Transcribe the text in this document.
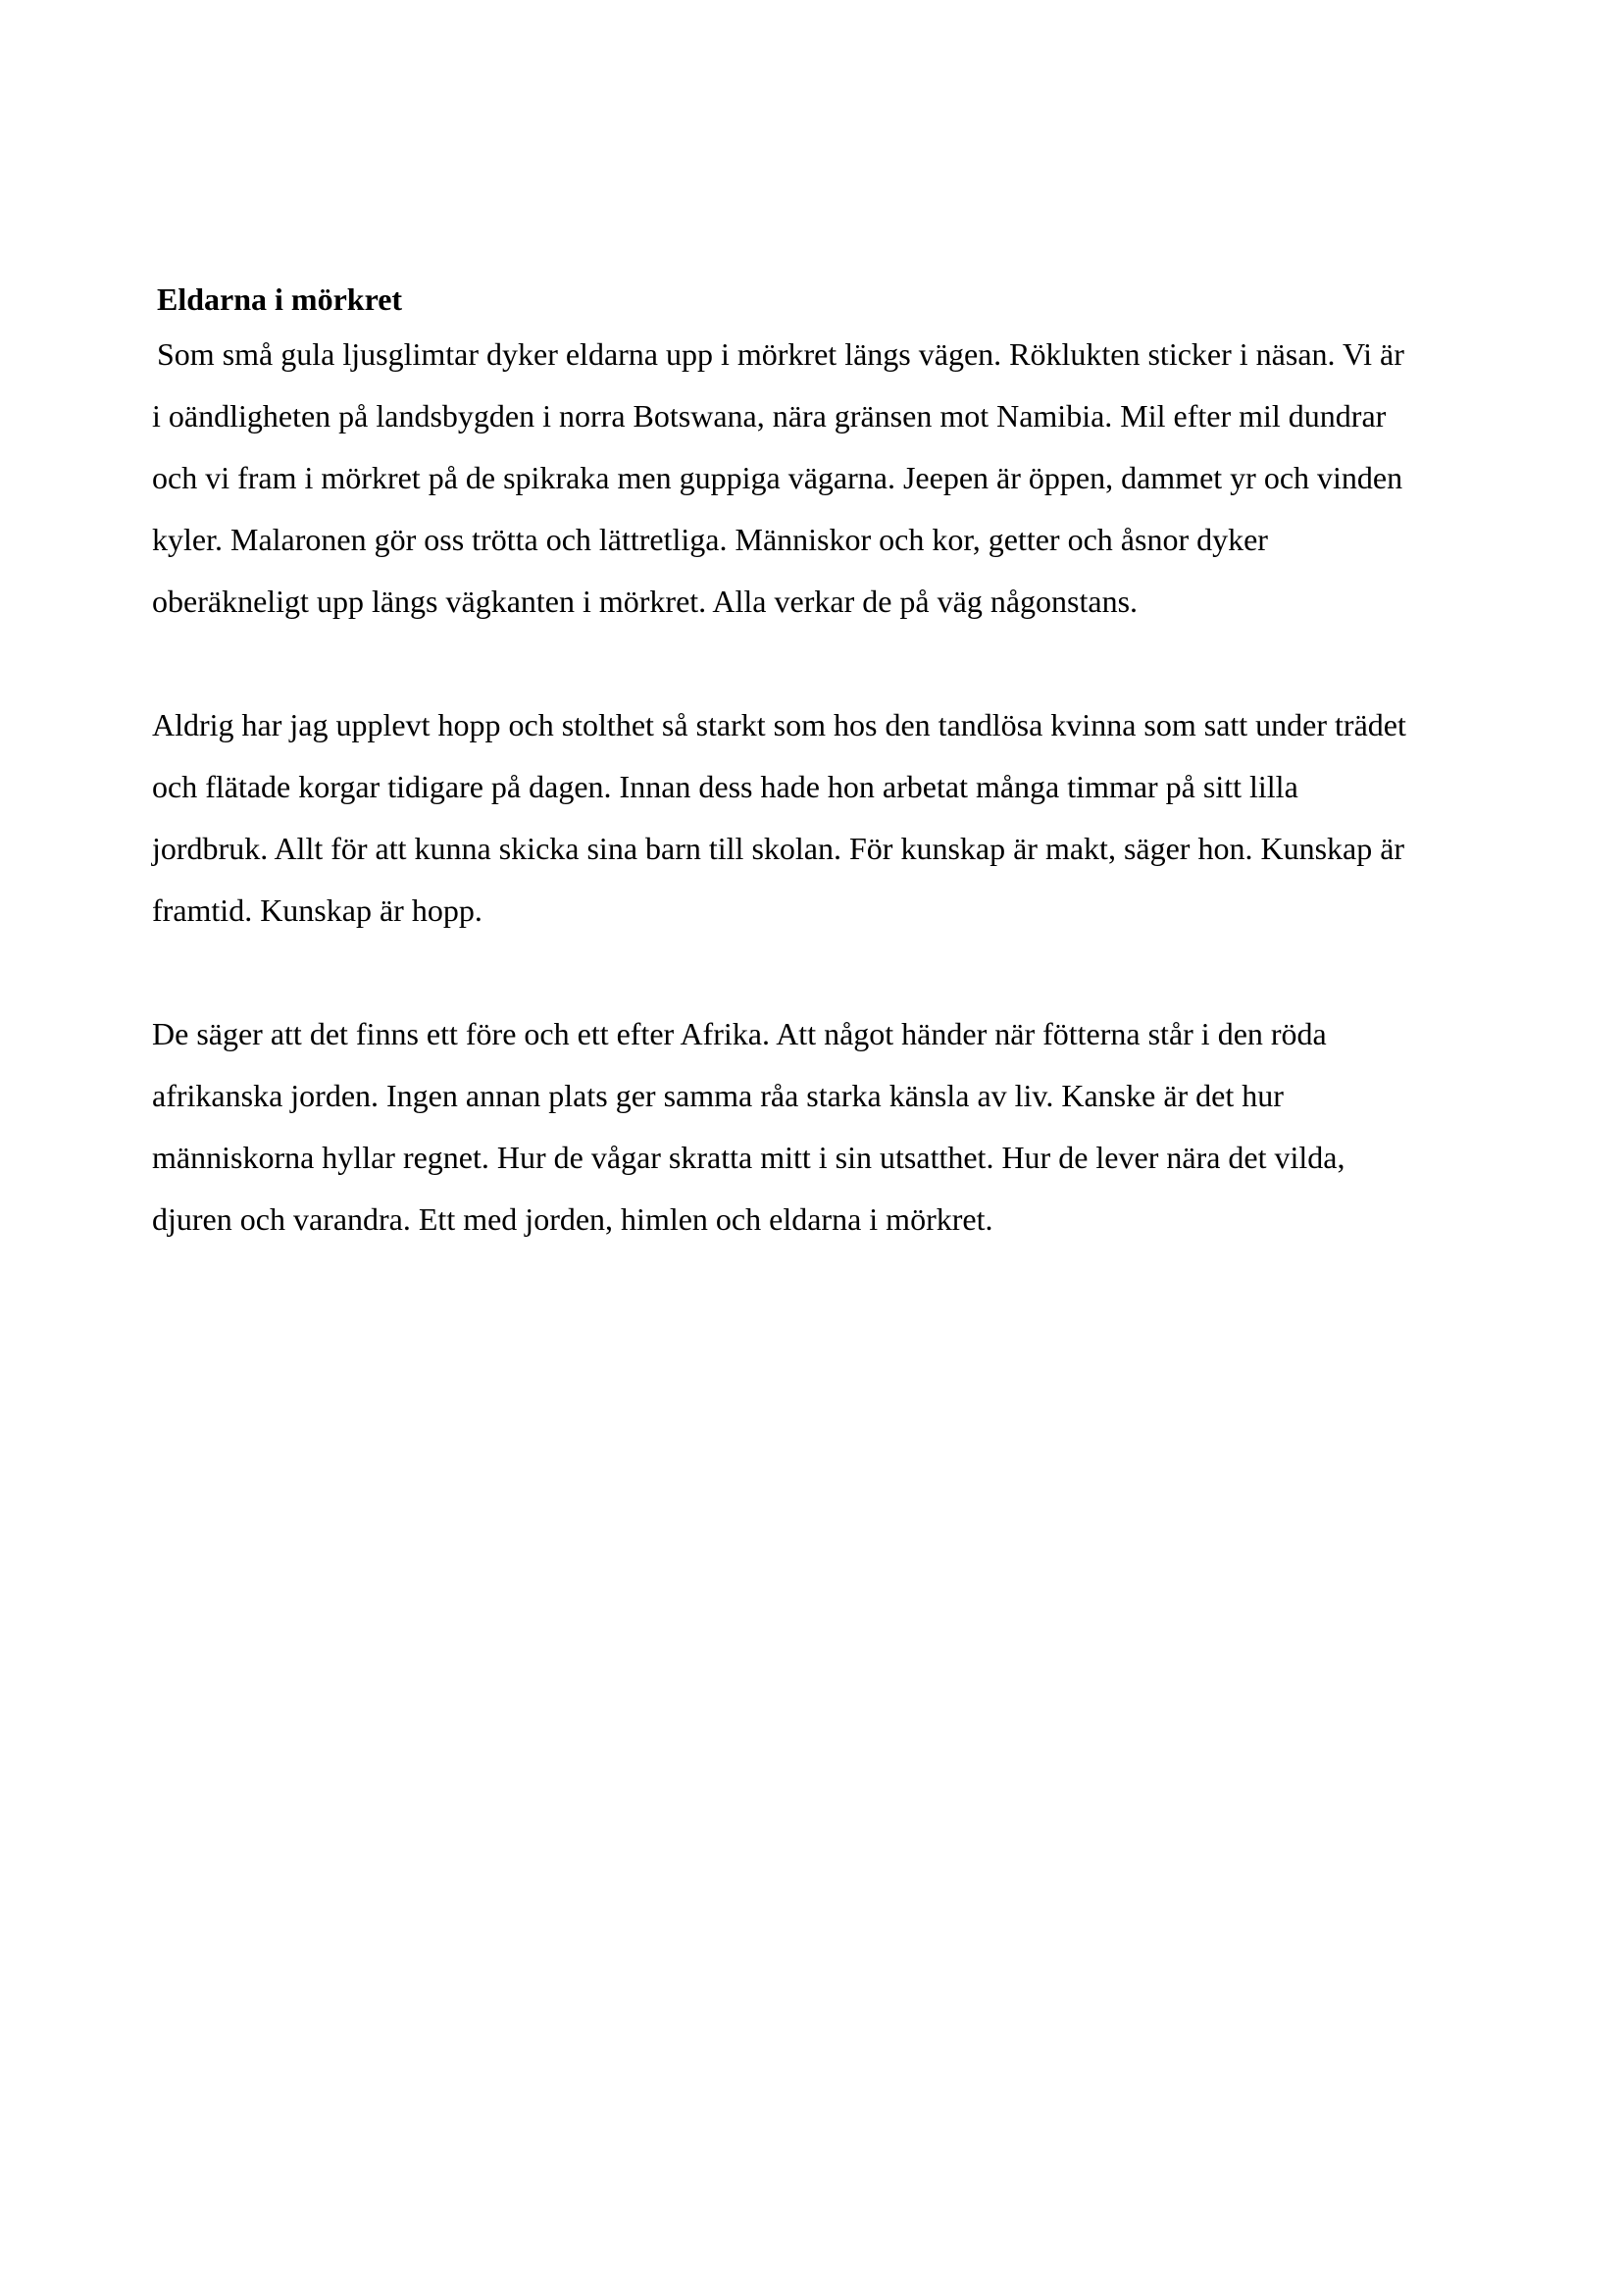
Eldarna i mörkret
Som små gula ljusglimtar dyker eldarna upp i mörkret längs vägen. Röklukten sticker i näsan. Vi är
i oändligheten på landsbygden i norra Botswana, nära gränsen mot Namibia. Mil efter mil dundrar
och vi fram i mörkret på de spikraka men guppiga vägarna. Jeepen är öppen, dammet yr och vinden
kyler. Malaronen gör oss trötta och lättretliga. Människor och kor, getter och åsnor dyker
oberäkneligt upp längs vägkanten i mörkret. Alla verkar de på väg någonstans.
Aldrig har jag upplevt hopp och stolthet så starkt som hos den tandlösa kvinna som satt under trädet
och flätade korgar tidigare på dagen. Innan dess hade hon arbetat många timmar på sitt lilla
jordbruk. Allt för att kunna skicka sina barn till skolan. För kunskap är makt, säger hon. Kunskap är
framtid. Kunskap är hopp.
De säger att det finns ett före och ett efter Afrika. Att något händer när fötterna står i den röda
afrikanska jorden. Ingen annan plats ger samma råa starka känsla av liv. Kanske är det hur
människorna hyllar regnet. Hur de vågar skratta mitt i sin utsatthet. Hur de lever nära det vilda,
djuren och varandra. Ett med jorden, himlen och eldarna i mörkret.
